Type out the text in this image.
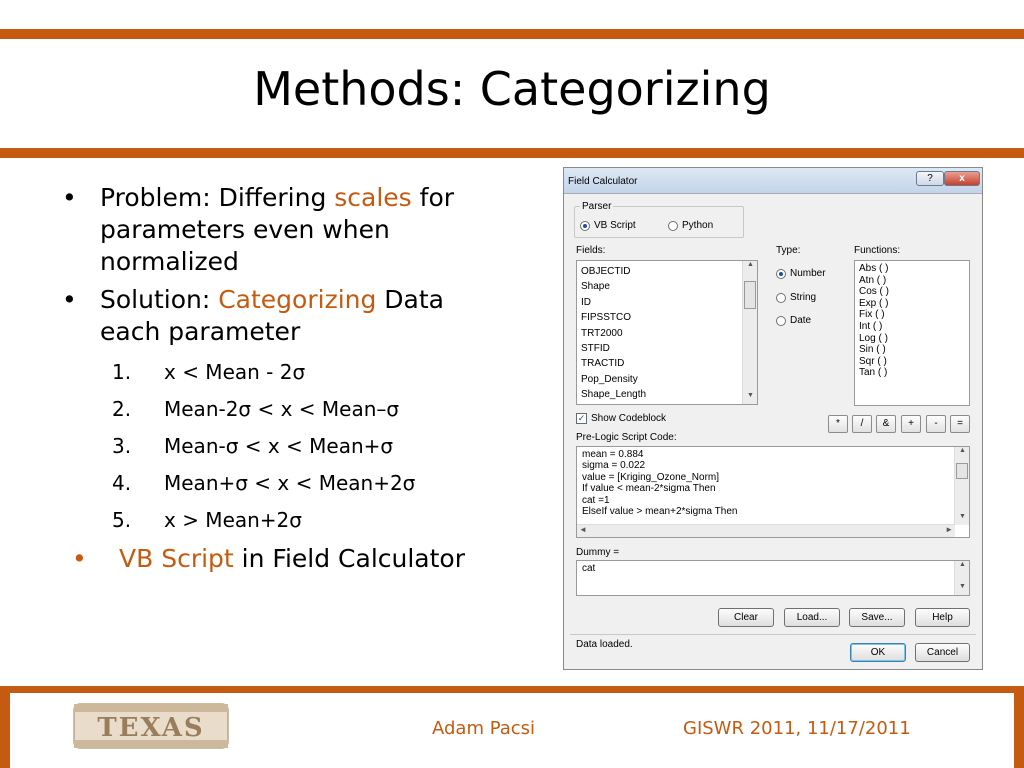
Methods: Categorizing
• Problem: Differing scales for parameters even when normalized
• Solution: Categorizing Data each parameter
1. x < Mean - 2σ
2. Mean-2σ < x < Mean–σ
3. Mean-σ < x < Mean+σ
4. Mean+σ < x < Mean+2σ
5. x > Mean+2σ
• VB Script in Field Calculator
Field Calculator	?	x
Parser
VB Script	Python
Fields:	Type:	Functions:
OBJECTID
Shape
ID
FIPSSTCO
TRT2000
STFID
TRACTID
Pop_Density
Shape_Length
▲
▼
Number
String
Date
Abs ( )
Atn ( )
Cos ( )
Exp ( )
Fix ( )
Int ( )
Log ( )
Sin ( )
Sqr ( )
Tan ( )
✓ Show Codeblock	*	/	&	+	-	=
Pre-Logic Script Code:
mean = 0.884
sigma = 0.022
value = [Kriging_Ozone_Norm]
If value < mean-2*sigma Then
cat =1
ElseIf value > mean+2*sigma Then
▲
▼
◄	►
Dummy =
cat	▲
▼
Clear	Load...	Save...	Help
Data loaded.
OK	Cancel
TEXAS	Adam Pacsi	GISWR 2011, 11/17/2011
